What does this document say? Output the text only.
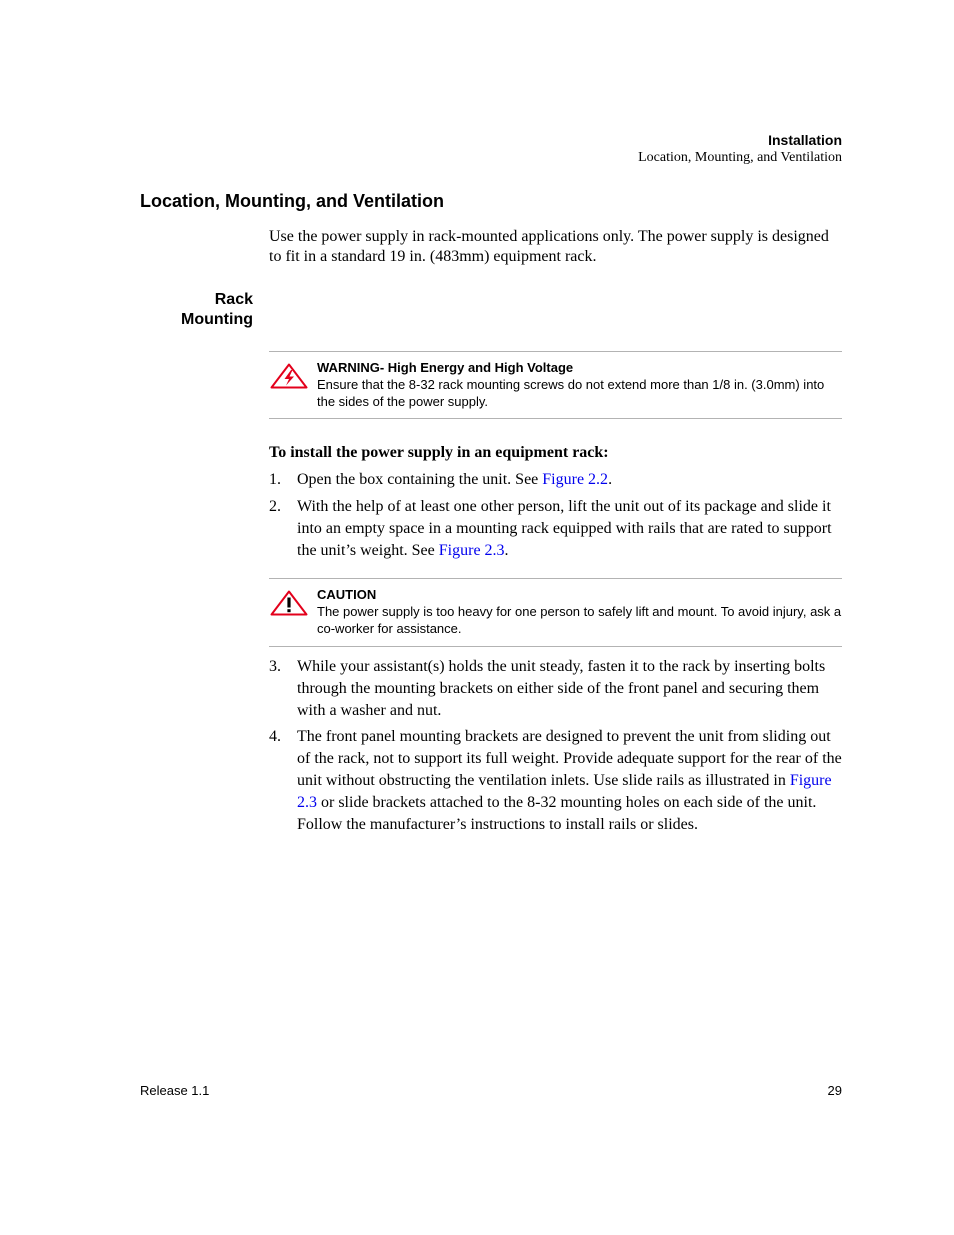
Installation
Location, Mounting, and Ventilation
Location, Mounting, and Ventilation

Use the power supply in rack-mounted applications only. The power supply is designed to fit in a standard 19 in. (483mm) equipment rack.

Rack
Mounting
WARNING- High Energy and High Voltage
Ensure that the 8-32 rack mounting screws do not extend more than 1/8 in. (3.0mm) into the sides of the power supply.
To install the power supply in an equipment rack:
1. Open the box containing the unit. See Figure 2.2.
2. With the help of at least one other person, lift the unit out of its package and slide it into an empty space in a mounting rack equipped with rails that are rated to support the unit’s weight. See Figure 2.3.
CAUTION
The power supply is too heavy for one person to safely lift and mount. To avoid injury, ask a co-worker for assistance.
3. While your assistant(s) holds the unit steady, fasten it to the rack by inserting bolts through the mounting brackets on either side of the front panel and securing them with a washer and nut.
4. The front panel mounting brackets are designed to prevent the unit from sliding out of the rack, not to support its full weight. Provide adequate support for the rear of the unit without obstructing the ventilation inlets. Use slide rails as illustrated in Figure 2.3 or slide brackets attached to the 8-32 mounting holes on each side of the unit. Follow the manufacturer’s instructions to install rails or slides.
Release 1.1	29
